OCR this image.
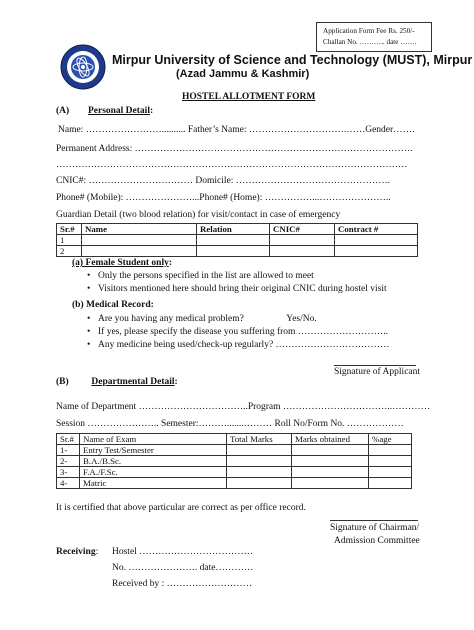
Application Form Fee Rs. 250/-
Challan No. ……….. date …….
Mirpur University of Science and Technology (MUST), Mirpur
(Azad Jammu & Kashmir)
HOSTEL ALLOTMENT FORM
(A) Personal Detail:
Name: …………………….......... Father’s Name: ………………………….……Gender…….
Permanent Address: …………………………………………………………………………….
…………………………………………………………………………………………………
CNIC#: …………………………… Domicile: ………………………………………….
Phone# (Mobile): …………………...Phone# (Home): ……………...…………………..
Guardian Detail (two blood relation) for visit/contact in case of emergency
Sr.#	Name	Relation	CNIC#	Contract #
1				
2				
(a) Female Student only:
• Only the persons specified in the list are allowed to meet
• Visitors mentioned here should bring their original CNIC during hostel visit
(b) Medical Record:
• Are you having any medical problem?                  Yes/No.
• If yes, please specify the disease you suffering from ………………………..
• Any medicine being used/check-up regularly? ………………………………
Signature of Applicant
(B) Departmental Detail:
Name of Department ……………………………..Program ……………………………..…………
Session ………………….. Semester:……….......……… Roll No/Form No. ………………
Sr.#	Name of Exam	Total Marks	Marks obtained	%age
1-	Entry Test/Semester			
2-	B.A./B.Sc.			
3-	F.A./F.Sc.			
4-	Matric			
It is certified that above particular are correct as per office record.
Signature of Chairman/
Admission Committee
Receiving: Hostel ………………………………
No. …………………. date…………
Received by : ………………………
